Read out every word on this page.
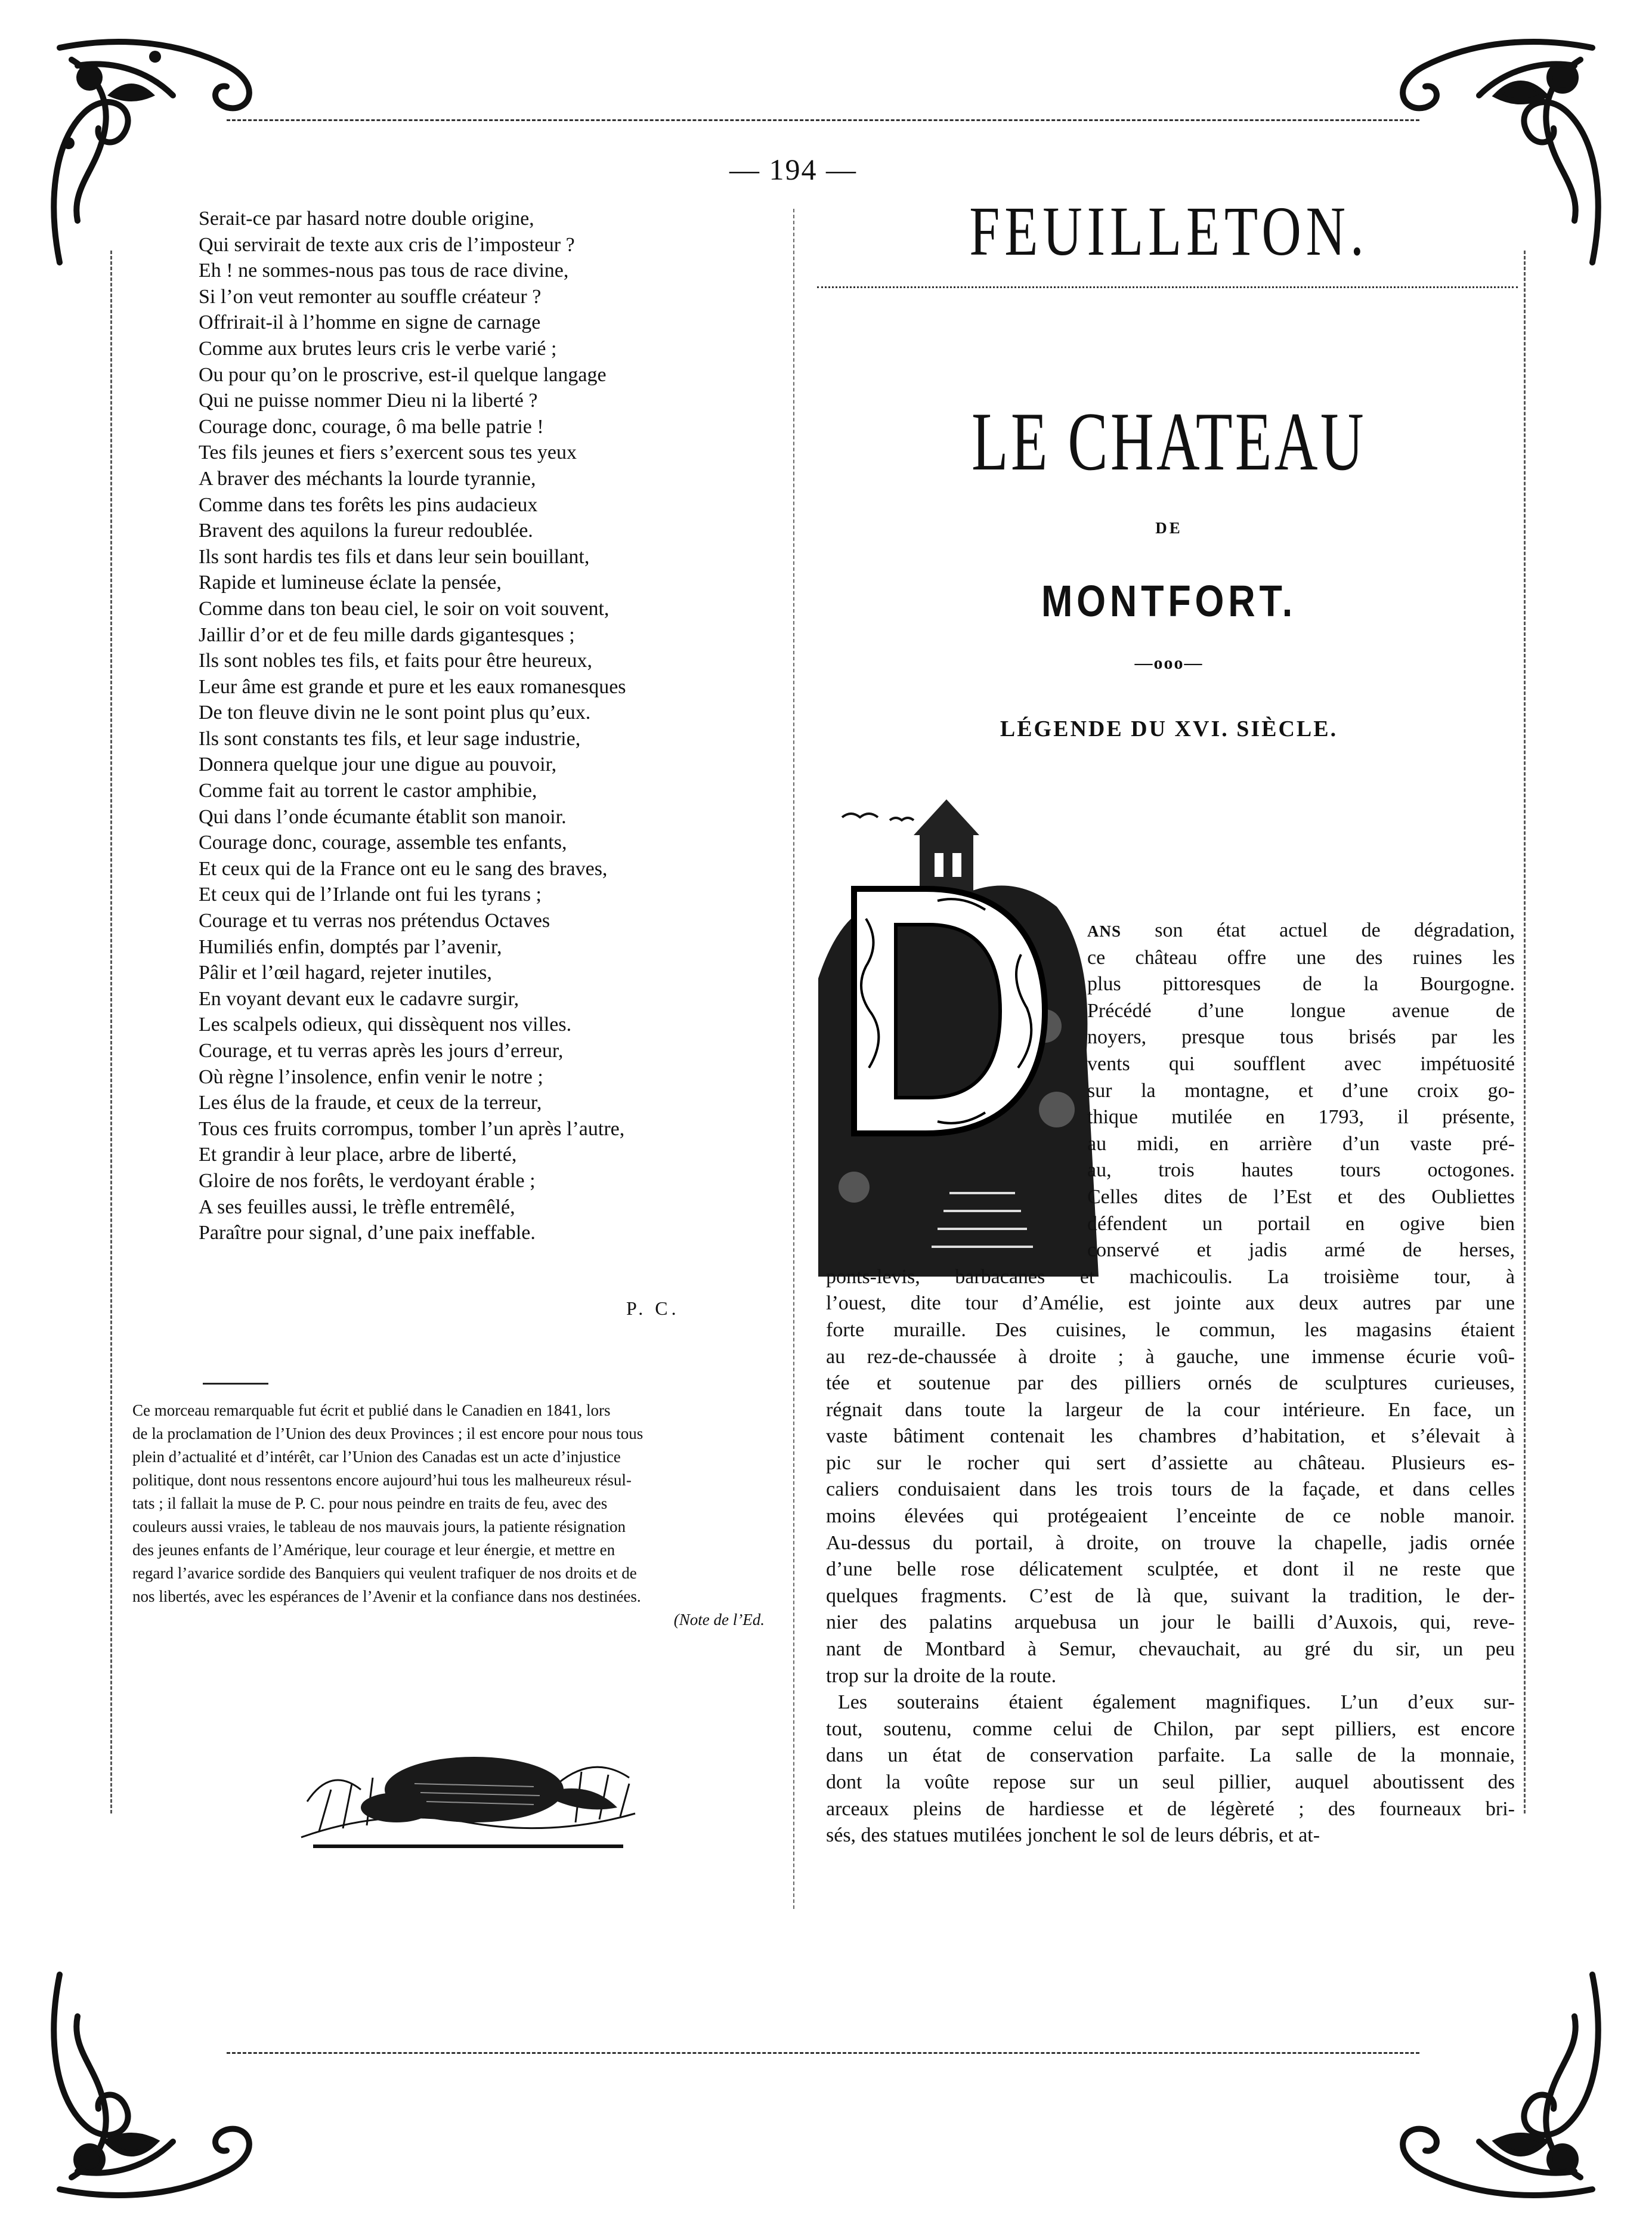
— 194 —
Serait-ce par hasard notre double origine,
Qui servirait de texte aux cris de l’imposteur ?
Eh ! ne sommes-nous pas tous de race divine,
Si l’on veut remonter au souffle créateur ?
Offrirait-il à l’homme en signe de carnage
Comme aux brutes leurs cris le verbe varié ;
Ou pour qu’on le proscrive, est-il quelque langage
Qui ne puisse nommer Dieu ni la liberté ?
Courage donc, courage, ô ma belle patrie !
Tes fils jeunes et fiers s’exercent sous tes yeux
A braver des méchants la lourde tyrannie,
Comme dans tes forêts les pins audacieux
Bravent des aquilons la fureur redoublée.
Ils sont hardis tes fils et dans leur sein bouillant,
Rapide et lumineuse éclate la pensée,
Comme dans ton beau ciel, le soir on voit souvent,
Jaillir d’or et de feu mille dards gigantesques ;
Ils sont nobles tes fils, et faits pour être heureux,
Leur âme est grande et pure et les eaux romanesques
De ton fleuve divin ne le sont point plus qu’eux.
Ils sont constants tes fils, et leur sage industrie,
Donnera quelque jour une digue au pouvoir,
Comme fait au torrent le castor amphibie,
Qui dans l’onde écumante établit son manoir.
Courage donc, courage, assemble tes enfants,
Et ceux qui de la France ont eu le sang des braves,
Et ceux qui de l’Irlande ont fui les tyrans ;
Courage et tu verras nos prétendus Octaves
Humiliés enfin, domptés par l’avenir,
Pâlir et l’œil hagard, rejeter inutiles,
En voyant devant eux le cadavre surgir,
Les scalpels odieux, qui dissèquent nos villes.
Courage, et tu verras après les jours d’erreur,
Où règne l’insolence, enfin venir le notre ;
Les élus de la fraude, et ceux de la terreur,
Tous ces fruits corrompus, tomber l’un après l’autre,
Et grandir à leur place, arbre de liberté,
Gloire de nos forêts, le verdoyant érable ;
A ses feuilles aussi, le trèfle entremêlé,
Paraître pour signal, d’une paix ineffable.
P. C.
Ce morceau remarquable fut écrit et publié dans le Canadien en 1841, lors
de la proclamation de l’Union des deux Provinces ; il est encore pour nous tous
plein d’actualité et d’intérêt, car l’Union des Canadas est un acte d’injustice
politique, dont nous ressentons encore aujourd’hui tous les malheureux résul-
tats ; il fallait la muse de P. C. pour nous peindre en traits de feu, avec des
couleurs aussi vraies, le tableau de nos mauvais jours, la patiente résignation
des jeunes enfants de l’Amérique, leur courage et leur énergie, et mettre en
regard l’avarice sordide des Banquiers qui veulent trafiquer de nos droits et de
nos libertés, avec les espérances de l’Avenir et la confiance dans nos destinées.
(Note de l’Ed.
FEUILLETON.
LE CHATEAU
DE
MONTFORT.
—ooo—
LÉGENDE DU XVI. SIÈCLE.
ANS son état actuel de dégradation,
ce château offre une des ruines les
plus pittoresques de la Bourgogne.
Précédé d’une longue avenue de
noyers, presque tous brisés par les
vents qui soufflent avec impétuosité
sur la montagne, et d’une croix go-
thique mutilée en 1793, il présente,
au midi, en arrière d’un vaste pré-
au, trois hautes tours octogones.
Celles dites de l’Est et des Oubliettes
défendent un portail en ogive bien
conservé et jadis armé de herses,
ponts-levis, barbacanes et machicoulis. La troisième tour, à
l’ouest, dite tour d’Amélie, est jointe aux deux autres par une
forte muraille. Des cuisines, le commun, les magasins étaient
au rez-de-chaussée à droite ; à gauche, une immense écurie voû-
tée et soutenue par des pilliers ornés de sculptures curieuses,
régnait dans toute la largeur de la cour intérieure. En face, un
vaste bâtiment contenait les chambres d’habitation, et s’élevait à
pic sur le rocher qui sert d’assiette au château. Plusieurs es-
caliers conduisaient dans les trois tours de la façade, et dans celles
moins élevées qui protégeaient l’enceinte de ce noble manoir.
Au-dessus du portail, à droite, on trouve la chapelle, jadis ornée
d’une belle rose délicatement sculptée, et dont il ne reste que
quelques fragments. C’est de là que, suivant la tradition, le der-
nier des palatins arquebusa un jour le bailli d’Auxois, qui, reve-
nant de Montbard à Semur, chevauchait, au gré du sir, un peu
trop sur la droite de la route.
Les souterains étaient également magnifiques. L’un d’eux sur-
tout, soutenu, comme celui de Chilon, par sept pilliers, est encore
dans un état de conservation parfaite. La salle de la monnaie,
dont la voûte repose sur un seul pillier, auquel aboutissent des
arceaux pleins de hardiesse et de légèreté ; des fourneaux bri-
sés, des statues mutilées jonchent le sol de leurs débris, et at-
